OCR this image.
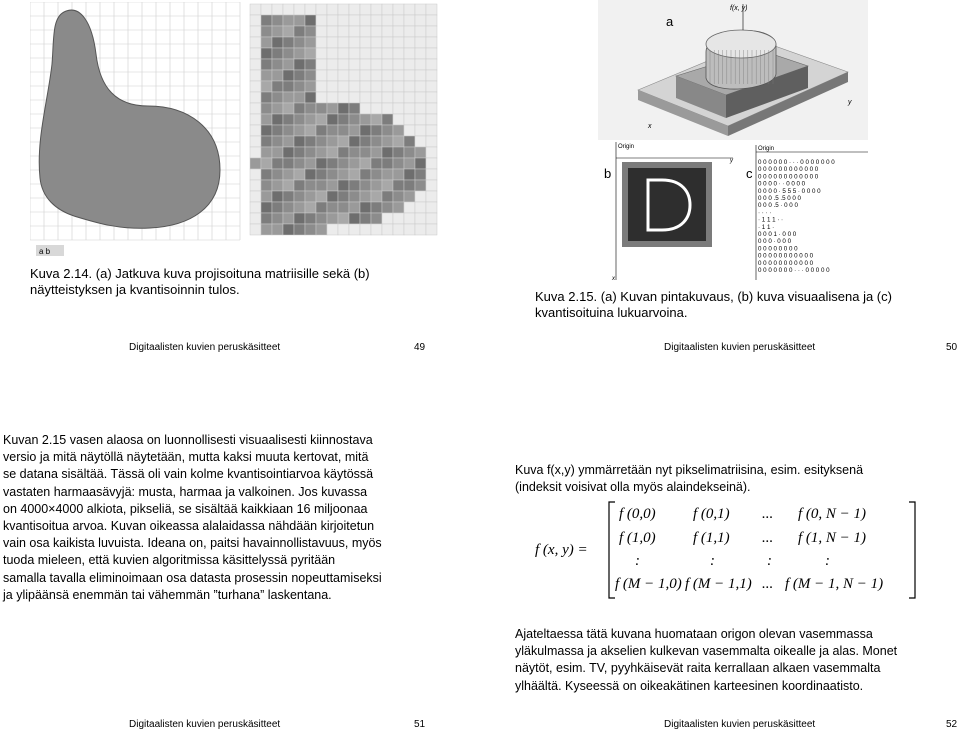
a b
Kuva 2.14. (a) Jatkuva kuva projisoituna matriisille sekä (b) näytteistyksen ja kvantisoinnin tulos.
f(x, y)
x
y
a
Origin
y
x
b
Origin
c
0 0 0 0 0 0 · · · 0 0 0 0 0 0 0
0 0 0 0 0 0 0 0 0 0 0 0
0 0 0 0 0 0 0 0 0 0 0 0
0 0 0 0 · · 0 0 0 0
0 0 0 0 · 5 5 5 · 0 0 0 0
0 0 0 .5 .5 0 0 0
0 0 0 .5 · 0 0 0
· · · ·
· 1 1 1 · ·
· 1 1 ·
0 0 0 1 · 0 0 0
0 0 0 · 0 0 0
0 0 0 0 0 0 0 0
0 0 0 0 0 0 0 0 0 0 0
0 0 0 0 0 0 0 0 0 0 0
0 0 0 0 0 0 0 · · · 0 0 0 0 0
Kuva 2.15. (a) Kuvan pintakuvaus, (b) kuva visuaalisena ja (c) kvantisoituina lukuarvoina.
Digitaalisten kuvien peruskäsitteet	49	Digitaalisten kuvien peruskäsitteet	50
Kuvan 2.15 vasen alaosa on luonnollisesti visuaalisesti kiinnostava
versio ja mitä näytöllä näytetään, mutta kaksi muuta kertovat, mitä
se datana sisältää. Tässä oli vain kolme kvantisointiarvoa käytössä
vastaten harmaasävyjä: musta, harmaa ja valkoinen. Jos kuvassa
on 4000×4000 alkiota, pikseliä, se sisältää kaikkiaan 16 miljoonaa
kvantisoitua arvoa. Kuvan oikeassa alalaidassa nähdään kirjoitetun
vain osa kaikista luvuista. Ideana on, paitsi havainnollistavuus, myös
tuoda mieleen, että kuvien algoritmissa käsittelyssä pyritään
samalla tavalla eliminoimaan osa datasta prosessin nopeuttamiseksi
ja ylipäänsä enemmän tai vähemmän ”turhana” laskentana.
Kuva f(x,y) ymmärretään nyt pikselimatriisina, esim. esityksenä
(indeksit voisivat olla myös alaindekseinä).
f (x, y) =
f (0,0) f (0,1) ... f (0, N − 1)
f (1,0) f (1,1) ... f (1, N − 1)
:	:	:	:
f (M − 1,0) f (M − 1,1) ... f (M − 1, N − 1)
Ajateltaessa tätä kuvana huomataan origon olevan vasemmassa
yläkulmassa ja akselien kulkevan vasemmalta oikealle ja alas. Monet
näytöt, esim. TV, pyyhkäisevät raita kerrallaan alkaen vasemmalta
ylhäältä. Kyseessä on oikeakätinen karteesinen koordinaatisto.
Digitaalisten kuvien peruskäsitteet	51	Digitaalisten kuvien peruskäsitteet	52
